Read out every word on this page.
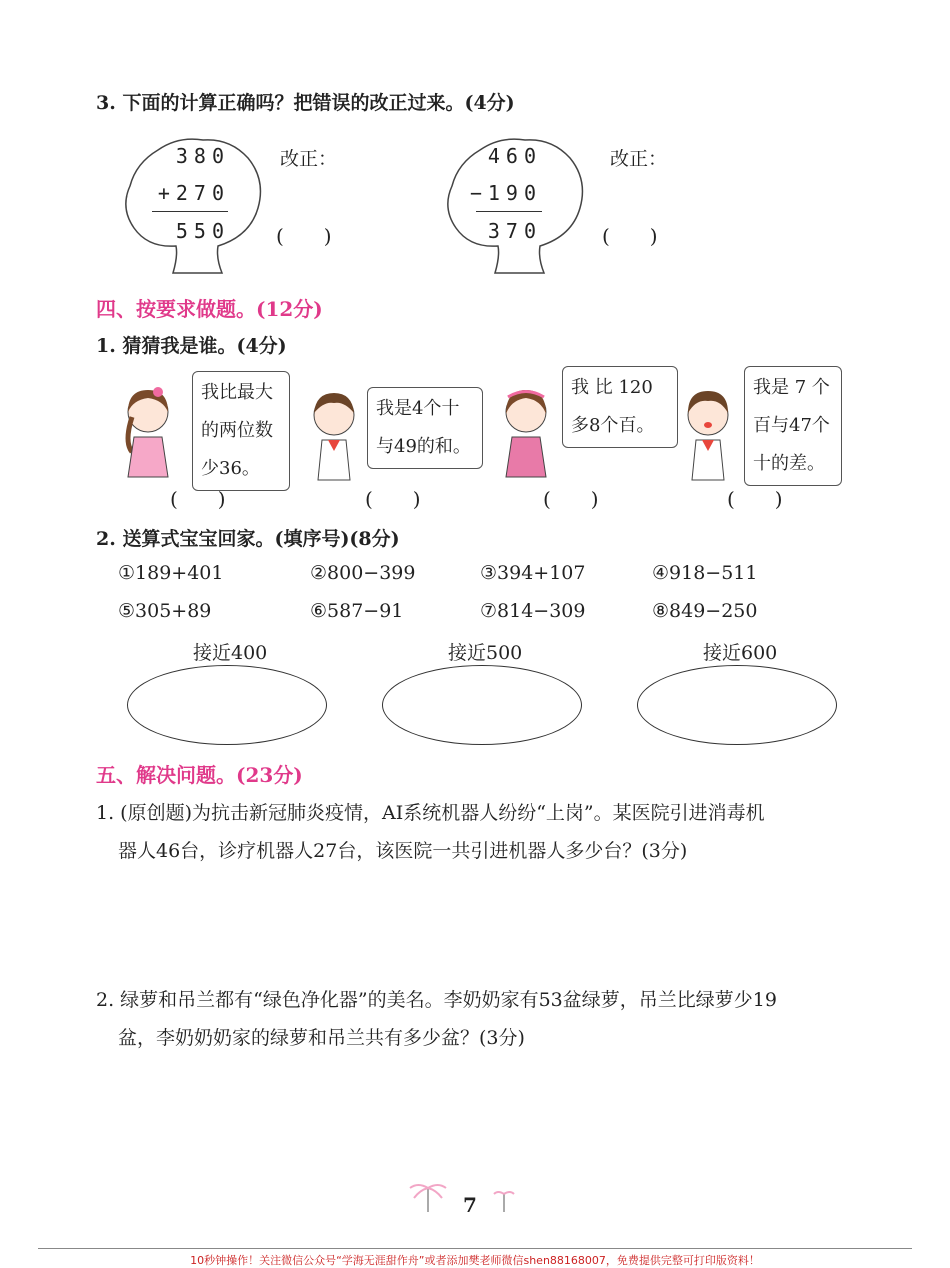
3. 下面的计算正确吗？把错误的改正过来。(4分)
380
+270
550
改正：
(　　)
460
−190
370
改正：
(　　)
四、按要求做题。(12分)
1. 猜猜我是谁。(4分)
我比最大
的两位数
少36。
(　　)
我是4个十
与49的和。
(　　)
我 比 120
多8个百。
(　　)
我是 7 个
百与47个
十的差。
(　　)
2. 送算式宝宝回家。(填序号)(8分)
①189+401	②800−399	③394+107	④918−511
⑤305+89	⑥587−91	⑦814−309	⑧849−250
接近400	接近500	接近600
五、解决问题。(23分)
1. (原创题)为抗击新冠肺炎疫情，AI系统机器人纷纷“上岗”。某医院引进消毒机
器人46台，诊疗机器人27台，该医院一共引进机器人多少台？(3分)
2. 绿萝和吊兰都有“绿色净化器”的美名。李奶奶家有53盆绿萝，吊兰比绿萝少19
盆，李奶奶奶家的绿萝和吊兰共有多少盆？(3分)
7
10秒钟操作！关注微信公众号“学海无涯甜作舟”或者添加樊老师微信shen88168007，免费提供完整可打印版资料！
